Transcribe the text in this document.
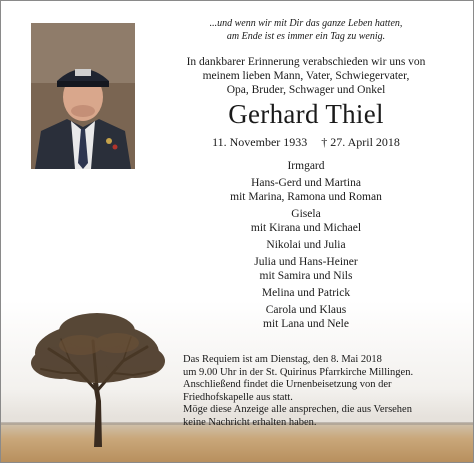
...und wenn wir mit Dir das ganze Leben hatten,
am Ende ist es immer ein Tag zu wenig.
In dankbarer Erinnerung verabschieden wir uns von
meinem lieben Mann, Vater, Schwiegervater,
Opa, Bruder, Schwager und Onkel
Gerhard Thiel
11. November 1933 † 27. April 2018
Irmgard
Hans-Gerd und Martina
mit Marina, Ramona und Roman
Gisela
mit Kirana und Michael
Nikolai und Julia
Julia und Hans-Heiner
mit Samira und Nils
Melina und Patrick
Carola und Klaus
mit Lana und Nele
Das Requiem ist am Dienstag, den 8. Mai 2018
um 9.00 Uhr in der St. Quirinus Pfarrkirche Millingen.
Anschließend findet die Urnenbeisetzung von der
Friedhofskapelle aus statt.
Möge diese Anzeige alle ansprechen, die aus Versehen
keine Nachricht erhalten haben.
